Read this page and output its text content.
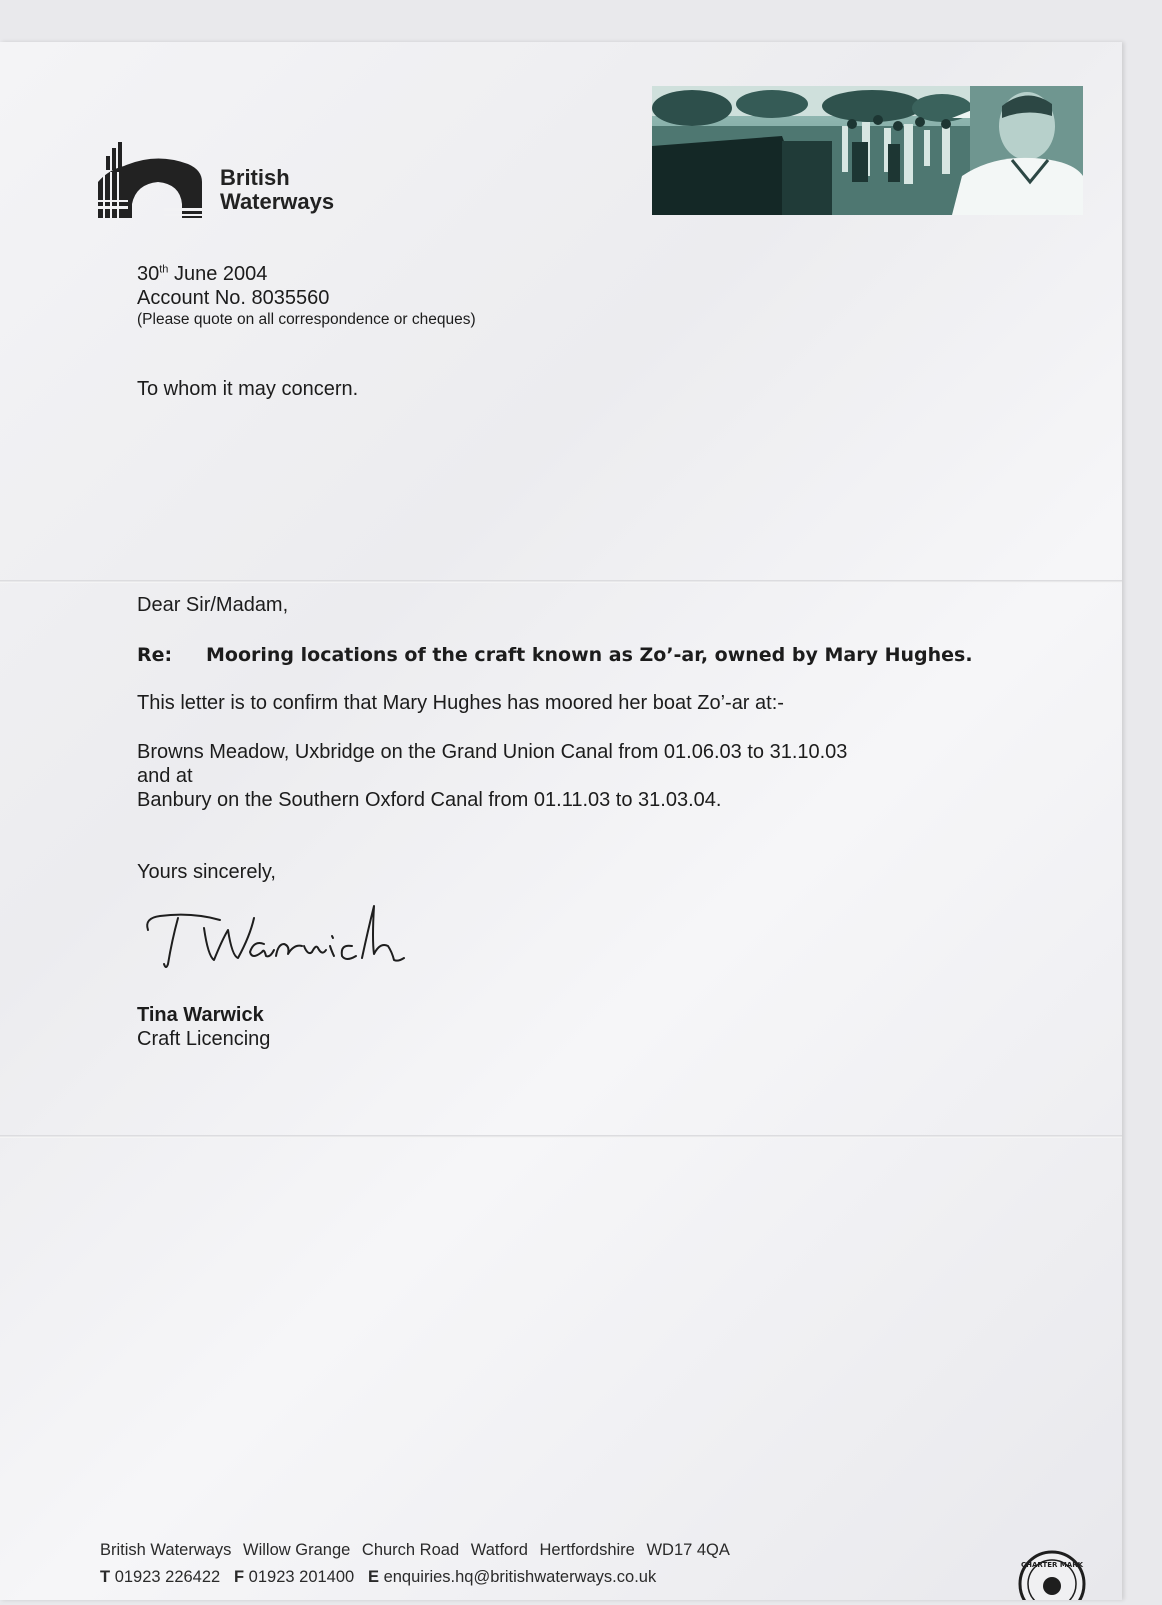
British
Waterways
30th June 2004
Account No. 8035560
(Please quote on all correspondence or cheques)
To whom it may concern.
Dear Sir/Madam,
Re: Mooring locations of the craft known as Zo’-ar, owned by Mary Hughes.
This letter is to confirm that Mary Hughes has moored her boat Zo’-ar at:-
Browns Meadow, Uxbridge on the Grand Union Canal from 01.06.03 to 31.10.03
and at
Banbury on the Southern Oxford Canal from 01.11.03 to 31.03.04.
Yours sincerely,
Tina Warwick
Craft Licencing
British Waterways Willow Grange Church Road Watford Hertfordshire WD17 4QA
T 01923 226422 F 01923 201400 E enquiries.hq@britishwaterways.co.uk
CHARTER MARK
